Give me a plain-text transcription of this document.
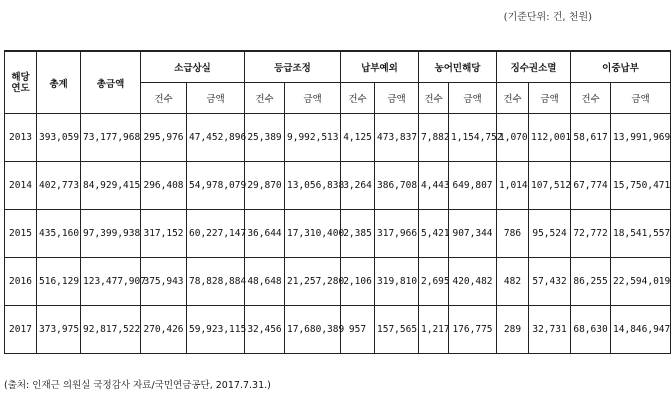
(기준단위: 건, 천원)
해당 연도	총계	총금액	소급상실		등급조정		납부예외		농어민해당		징수권소멸		이중납부	
			건수	금액	건수	금액	건수	금액	건수	금액	건수	금액	건수	금액
2013	393,059	73,177,968	295,976	47,452,896	25,389	9,992,513	4,125	473,837	7,882	1,154,752	1,070	112,001	58,617	13,991,969
2014	402,773	84,929,415	296,408	54,978,079	29,870	13,056,838	3,264	386,708	4,443	649,807	1,014	107,512	67,774	15,750,471
2015	435,160	97,399,938	317,152	60,227,147	36,644	17,310,400	2,385	317,966	5,421	907,344	786	95,524	72,772	18,541,557
2016	516,129	123,477,907	375,943	78,828,884	48,648	21,257,280	2,106	319,810	2,695	420,482	482	57,432	86,255	22,594,019
2017	373,975	92,817,522	270,426	59,923,115	32,456	17,680,389	957	157,565	1,217	176,775	289	32,731	68,630	14,846,947
(출처: 인재근 의원실 국정감사 자료/국민연금공단, 2017.7.31.)
